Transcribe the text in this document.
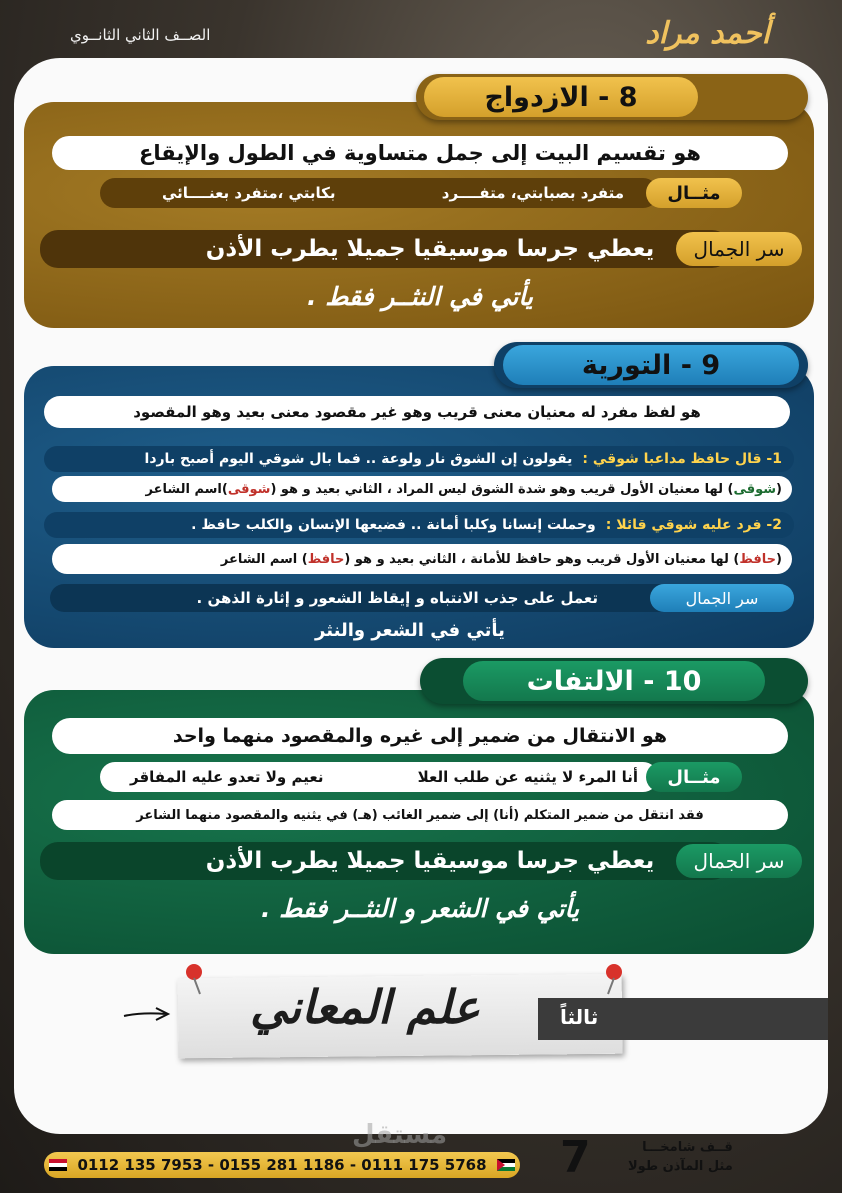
الصــف الثاني الثانــوي	أحمد مراد
8 - الازدواج
هو تقسيم البيت إلى جمل متساوية في الطول والإيقاع
متفرد بصبابتي، متفــــرد
بكابتي ،متفرد بعنــــائي	مثــال
يعطي جرسا موسيقيا جميلا يطرب الأذن سر الجمال
يأتي في النثــر فقط .
9 - التورية
هو لفظ مفرد له معنيان معنى قريب وهو غير مقصود معنى بعيد وهو المقصود
1- قال حافظ مداعبا شوقي :
يقولون إن الشوق نار ولوعة .. فما بال شوقي اليوم أصبح باردا
(
شوقى
) لها معنيان الأول قريب وهو شدة الشوق ليس المراد ، الثاني بعيد و هو (
شوقى
)اسم الشاعر
2- فرد عليه شوقي قائلا :
وحملت إنسانا وكلبا أمانة .. فضيعها الإنسان والكلب حافظ .
(
حافظ
) لها معنيان الأول قريب وهو حافظ للأمانة ، الثاني بعيد و هو (
حافظ
) اسم الشاعر
تعمل على جذب الانتباه و إيقاظ الشعور و إثارة الذهن .	سر الجمال
يأتي في الشعر والنثر
10 - الالتفات
هو الانتقال من ضمير إلى غيره والمقصود منهما واحد
أنا المرء لا يثنيه عن طلب العلا
نعيم ولا تعدو عليه المفاقر	مثــال
فقد انتقل من ضمير المتكلم (أنا) إلى ضمير الغائب (هـ) في يثنيه والمقصود منهما الشاعر
يعطي جرسا موسيقيا جميلا يطرب الأذن سر الجمال
يأتي في الشعر و النثــر فقط .
ثالثاً
علم المعاني
مستقل
0112 135 7953 - 0155 281 1186 - 0111 175 5768 7	قــف شامخـــا
مثل المآذن طولا
